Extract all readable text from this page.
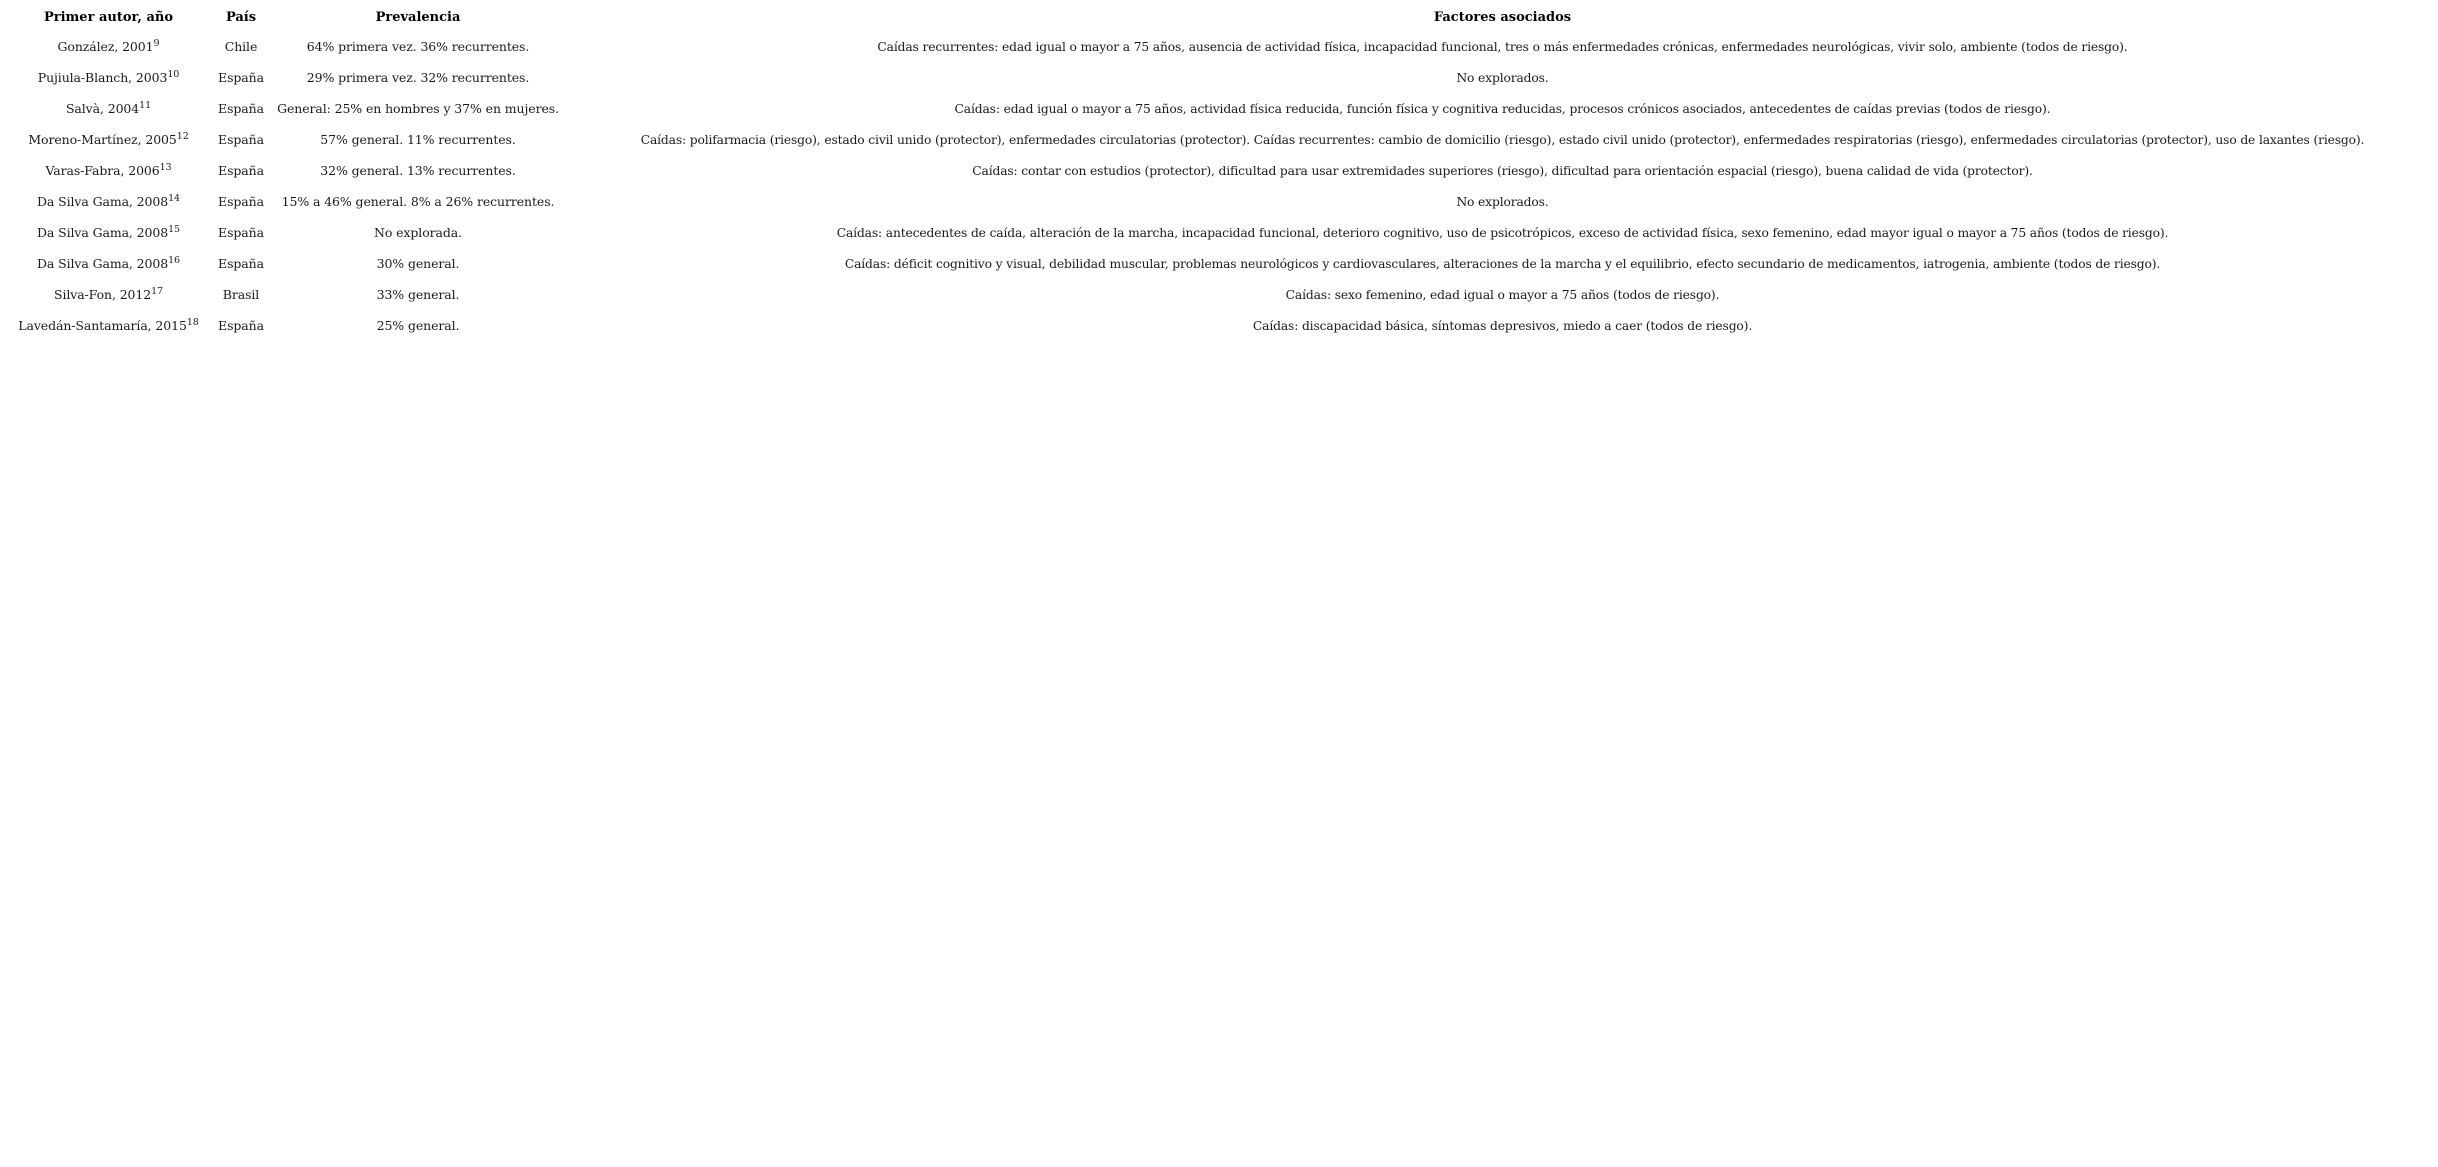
Primer autor, año	País	Prevalencia	Factores asociados
González, 2001$^9$	Chile	64% primera vez. 36% recurrentes.	Caídas recurrentes: edad igual o mayor a 75 años, ausencia de actividad física, incapacidad funcional, tres o más enfermedades crónicas, enfermedades neurológicas, vivir solo, ambiente (todos de riesgo).
Pujiula-Blanch, 2003$^{10}$	España	29% primera vez. 32% recurrentes.	No explorados.
Salvà, 2004$^{11}$	España	General: 25% en hombres y 37% en mujeres.	Caídas: edad igual o mayor a 75 años, actividad física reducida, función física y cognitiva reducidas, procesos crónicos asociados, antecedentes de caídas previas (todos de riesgo).
Moreno-Martínez, 2005$^{12}$	España	57% general. 11% recurrentes.	Caídas: polifarmacia (riesgo), estado civil unido (protector), enfermedades circulatorias (protector). Caídas recurrentes: cambio de domicilio (riesgo), estado civil unido (protector), enfermedades respiratorias (riesgo), enfermedades circulatorias (protector), uso de laxantes (riesgo).
Varas-Fabra, 2006$^{13}$	España	32% general. 13% recurrentes.	Caídas: contar con estudios (protector), dificultad para usar extremidades superiores (riesgo), dificultad para orientación espacial (riesgo), buena calidad de vida (protector).
Da Silva Gama, 2008$^{14}$	España	15% a 46% general. 8% a 26% recurrentes.	No explorados.
Da Silva Gama, 2008$^{15}$	España	No explorada.	Caídas: antecedentes de caída, alteración de la marcha, incapacidad funcional, deterioro cognitivo, uso de psicotrópicos, exceso de actividad física, sexo femenino, edad mayor igual o mayor a 75 años (todos de riesgo).
Da Silva Gama, 2008$^{16}$	España	30% general.	Caídas: déficit cognitivo y visual, debilidad muscular, problemas neurológicos y cardiovasculares, alteraciones de la marcha y el equilibrio, efecto secundario de medicamentos, iatrogenia, ambiente (todos de riesgo).
Silva-Fon, 2012$^{17}$	Brasil	33% general.	Caídas: sexo femenino, edad igual o mayor a 75 años (todos de riesgo).
Lavedán-Santamaría, 2015$^{18}$	España	25% general.	Caídas: discapacidad básica, síntomas depresivos, miedo a caer (todos de riesgo).
